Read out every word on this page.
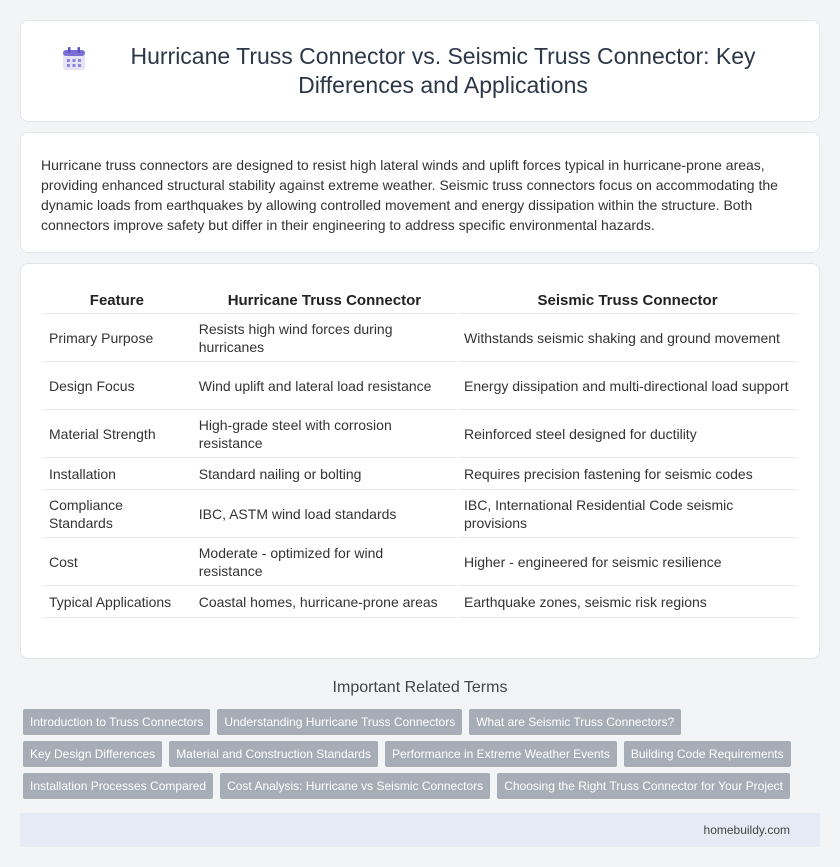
Hurricane Truss Connector vs. Seismic Truss Connector: Key Differences and Applications

Hurricane truss connectors are designed to resist high lateral winds and uplift forces typical in hurricane-prone areas, providing enhanced structural stability against extreme weather. Seismic truss connectors focus on accommodating the dynamic loads from earthquakes by allowing controlled movement and energy dissipation within the structure. Both connectors improve safety but differ in their engineering to address specific environmental hazards.

Feature	Hurricane Truss Connector	Seismic Truss Connector
Primary Purpose	Resists high wind forces during hurricanes	Withstands seismic shaking and ground movement
Design Focus	Wind uplift and lateral load resistance	Energy dissipation and multi-directional load support
Material Strength	High-grade steel with corrosion resistance	Reinforced steel designed for ductility
Installation	Standard nailing or bolting	Requires precision fastening for seismic codes
Compliance Standards	IBC, ASTM wind load standards	IBC, International Residential Code seismic provisions
Cost	Moderate - optimized for wind resistance	Higher - engineered for seismic resilience
Typical Applications	Coastal homes, hurricane-prone areas	Earthquake zones, seismic risk regions
Important Related Terms
Introduction to Truss Connectors	Understanding Hurricane Truss Connectors	What are Seismic Truss Connectors?
Key Design Differences	Material and Construction Standards	Performance in Extreme Weather Events	Building Code Requirements
Installation Processes Compared	Cost Analysis: Hurricane vs Seismic Connectors	Choosing the Right Truss Connector for Your Project
homebuildy.com
